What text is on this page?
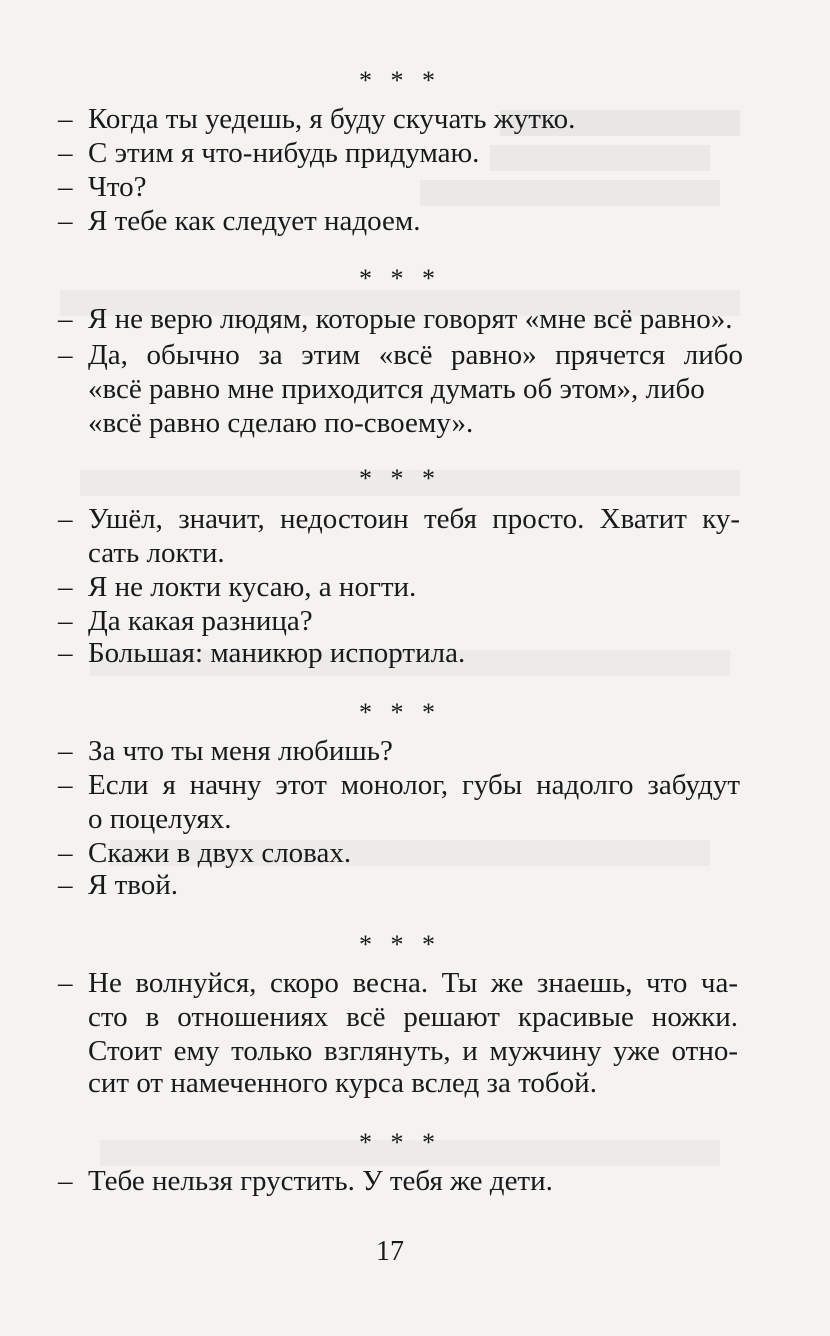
* * *
– Когда ты уедешь, я буду скучать жутко.
– С этим я что-нибудь придумаю.
– Что?
– Я тебе как следует надоем.
* * *
– Я не верю людям, которые говорят «мне всё равно».
– Да, обычно за этим «всё равно» прячется либо
«всё равно мне приходится думать об этом», либо
«всё равно сделаю по-своему».
* * *
– Ушёл, значит, недостоин тебя просто. Хватит ку-
сать локти.
– Я не локти кусаю, а ногти.
– Да какая разница?
– Большая: маникюр испортила.
* * *
– За что ты меня любишь?
– Если я начну этот монолог, губы надолго забудут
о поцелуях.
– Скажи в двух словах.
– Я твой.
* * *
– Не волнуйся, скоро весна. Ты же знаешь, что ча-
сто в отношениях всё решают красивые ножки.
Стоит ему только взглянуть, и мужчину уже отно-
сит от намеченного курса вслед за тобой.
* * *
– Тебе нельзя грустить. У тебя же дети.
17
